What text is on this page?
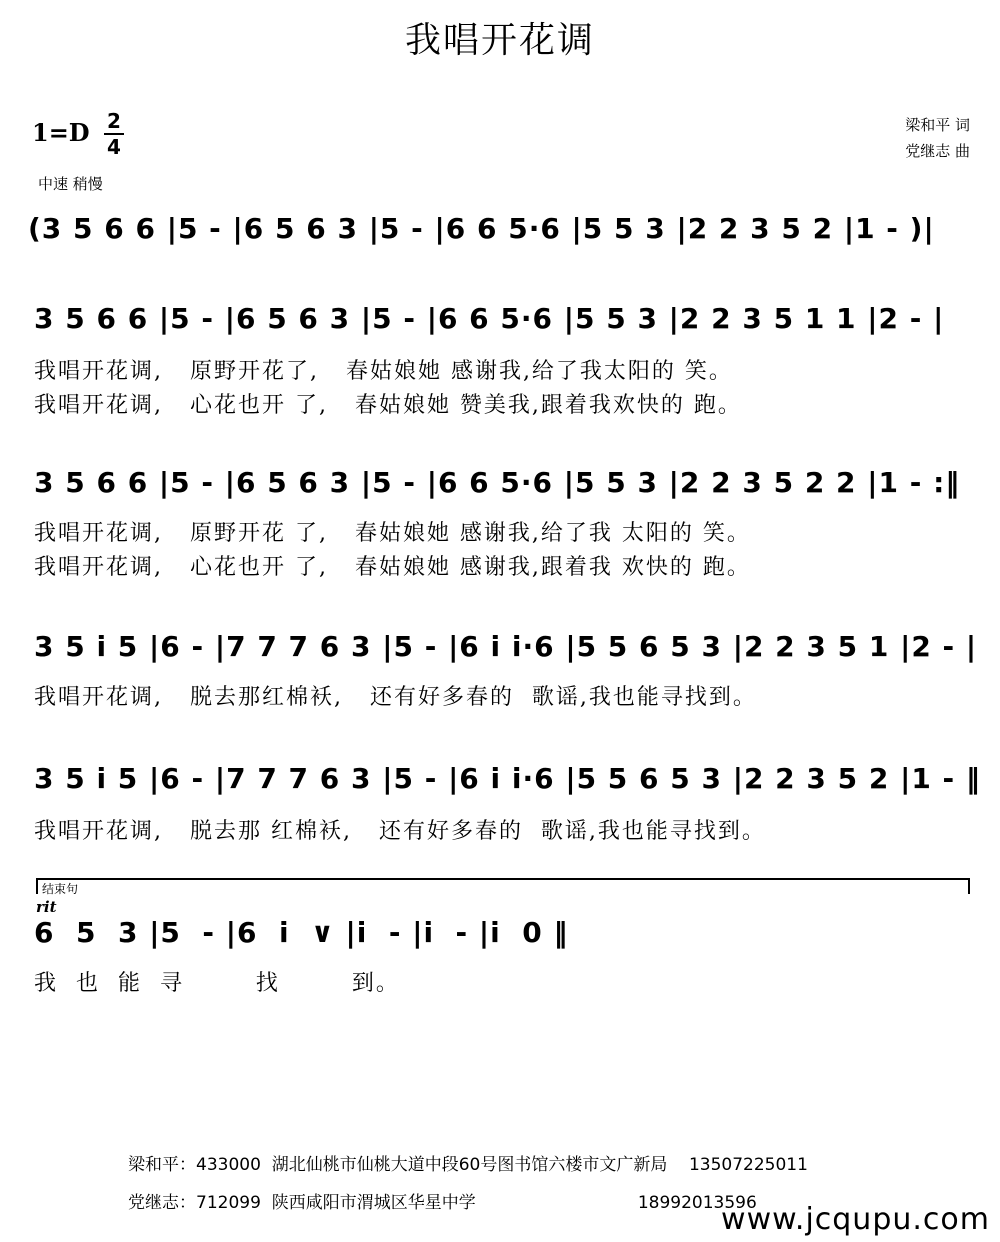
我唱开花调
梁和平 词
党继志 曲
1=D 2
4
中速 稍慢
(3 5 6 6 |5 - |6 5 6 3 |5 - |6 6 5·6 |5 5 3 |2 2 3 5 2 |1 - )|
3 5 6 6 |5 - |6 5 6 3 |5 - |6 6 5·6 |5 5 3 |2 2 3 5 1 1 |2 - |
我唱开花调,   原野开花了,   春姑娘她 感谢我,给了我太阳的 笑。
我唱开花调,   心花也开 了,   春姑娘她 赞美我,跟着我欢快的 跑。
3 5 6 6 |5 - |6 5 6 3 |5 - |6 6 5·6 |5 5 3 |2 2 3 5 2 2 |1 - :‖
我唱开花调,   原野开花 了,   春姑娘她 感谢我,给了我 太阳的 笑。
我唱开花调,   心花也开 了,   春姑娘她 感谢我,跟着我 欢快的 跑。
3 5 i 5 |6 - |7 7 7 6 3 |5 - |6 i i·6 |5 5 6 5 3 |2 2 3 5 1 |2 - |
我唱开花调,   脱去那红棉袄,   还有好多春的  歌谣,我也能寻找到。
3 5 i 5 |6 - |7 7 7 6 3 |5 - |6 i i·6 |5 5 6 5 3 |2 2 3 5 2 |1 - ‖
我唱开花调,   脱去那 红棉袄,   还有好多春的  歌谣,我也能寻找到。
结束句
rit
6  5  3 |5  - |6  i  ∨ |i  - |i  - |i  0 ‖
我  也  能  寻        找        到。
梁和平：433000  湖北仙桃市仙桃大道中段60号图书馆六楼市文广新局    13507225011
党继志：712099  陕西咸阳市渭城区华星中学                              18992013596
www.jcqupu.com
